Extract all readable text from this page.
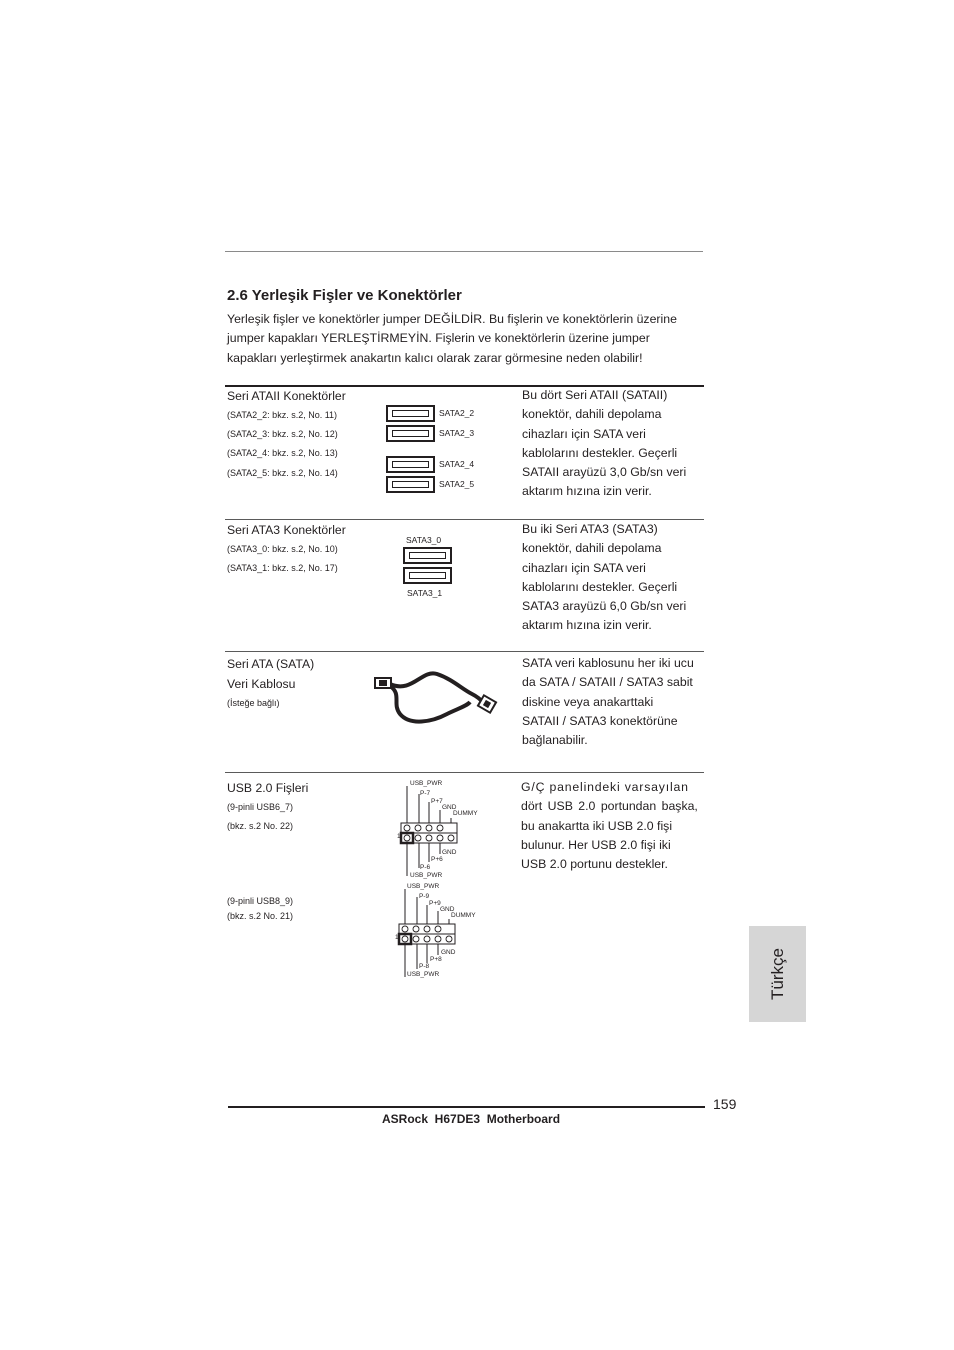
2.6 Yerleşik Fişler ve Konektörler
Yerleşik fişler ve konektörler jumper DEĞİLDİR. Bu fişlerin ve konektörlerin üzerine
jumper kapakları YERLEŞTİRMEYİN. Fişlerin ve konektörlerin üzerine jumper
kapakları yerleştirmek anakartın kalıcı olarak zarar görmesine neden olabilir!
Seri ATAII Konektörler
(SATA2_2: bkz. s.2, No. 11)
(SATA2_3: bkz. s.2, No. 12)
(SATA2_4: bkz. s.2, No. 13)
(SATA2_5: bkz. s.2, No. 14)
SATA2_2
SATA2_3
SATA2_4
SATA2_5
Bu dört Seri ATAII (SATAII)
konektör, dahili depolama
cihazları için SATA veri
kablolarını destekler. Geçerli
SATAII arayüzü 3,0 Gb/sn veri
aktarım hızına izin verir.
Seri ATA3 Konektörler
(SATA3_0: bkz. s.2, No. 10)
(SATA3_1: bkz. s.2, No. 17)
SATA3_0
SATA3_1
Bu iki Seri ATA3 (SATA3)
konektör, dahili depolama
cihazları için SATA veri
kablolarını destekler. Geçerli
SATA3 arayüzü 6,0 Gb/sn veri
aktarım hızına izin verir.
Seri ATA (SATA)
Veri Kablosu
(İsteğe bağlı)
SATA veri kablosunu her iki ucu
da SATA / SATAII / SATA3 sabit
diskine veya anakarttaki
SATAII / SATA3 konektörüne
bağlanabilir.
USB 2.0 Fişleri
(9-pinli USB6_7)
(bkz. s.2 No. 22)
(9-pinli USB8_9)
(bkz. s.2 No. 21)
USB_PWR
P-7
P+7
GND
DUMMY
1
GND
P+6
P-6
USB_PWR
USB_PWR
P-9
P+9
GND
DUMMY
1
GND
P+8
P-8
USB_PWR
G/Ç panelindeki varsayılan
dört USB 2.0 portundan başka,
bu anakartta iki USB 2.0 fişi
bulunur. Her USB 2.0 fişi iki
USB 2.0 portunu destekler.
Türkçe
159
ASRock  H67DE3  Motherboard
